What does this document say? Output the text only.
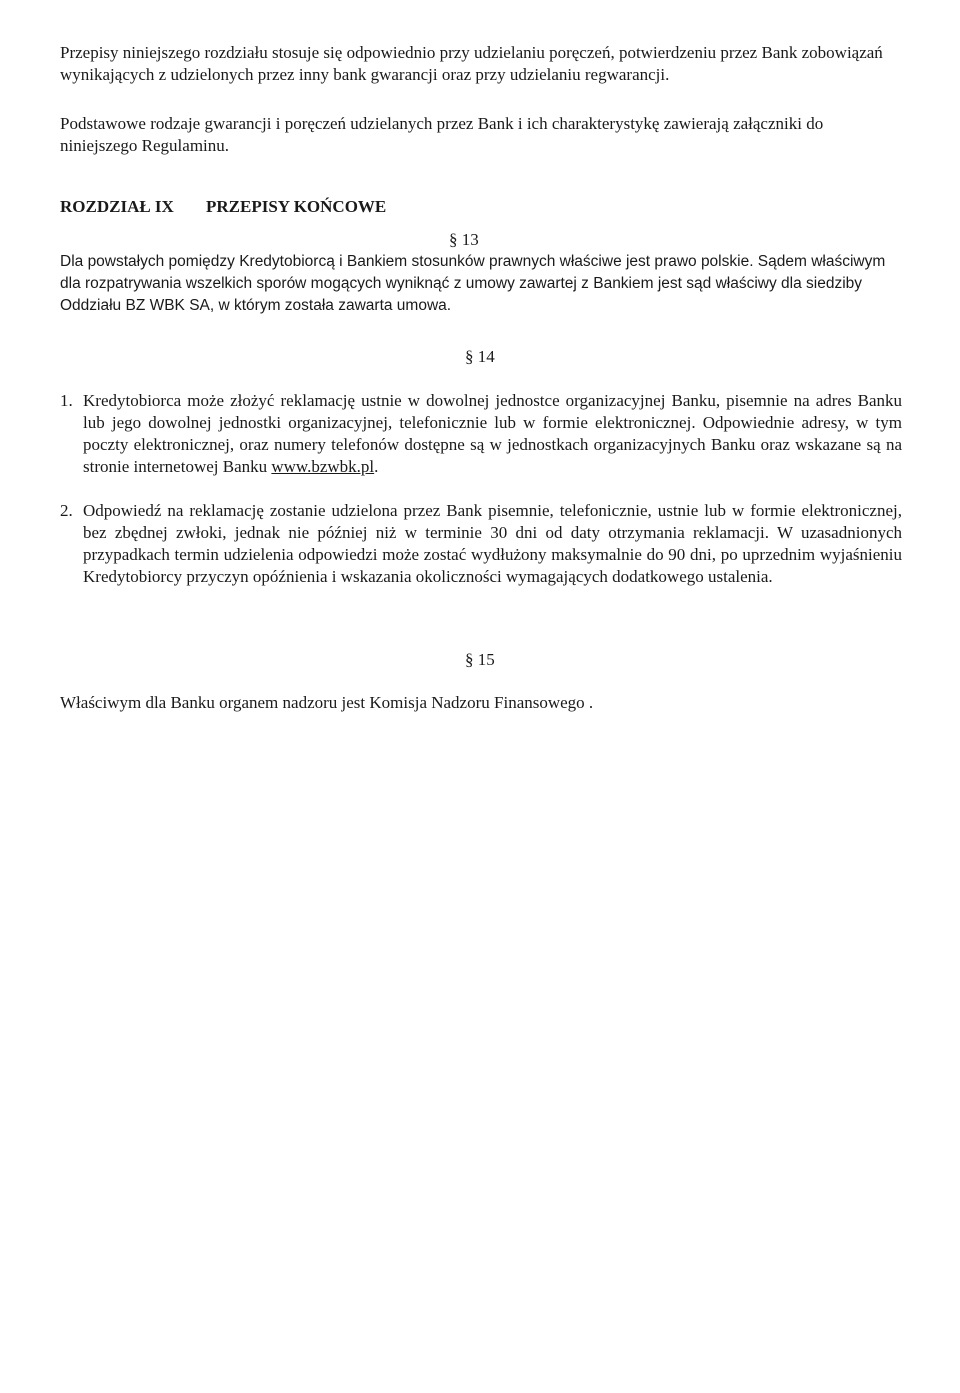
Przepisy niniejszego rozdziału stosuje się odpowiednio przy udzielaniu poręczeń, potwierdzeniu przez Bank zobowiązań wynikających z udzielonych przez inny bank gwarancji oraz przy udzielaniu regwarancji.

Podstawowe rodzaje gwarancji i poręczeń udzielanych przez Bank i ich charakterystykę zawierają załączniki do niniejszego Regulaminu.

ROZDZIAŁ IX PRZEPISY KOŃCOWE
§ 13

Dla powstałych pomiędzy Kredytobiorcą i Bankiem stosunków prawnych właściwe jest prawo polskie. Sądem właściwym dla rozpatrywania wszelkich sporów mogących wyniknąć z umowy zawartej z Bankiem jest sąd właściwy dla siedziby Oddziału BZ WBK SA, w którym została zawarta umowa.

§ 14
1. Kredytobiorca może złożyć reklamację ustnie w dowolnej jednostce organizacyjnej Banku, pisemnie na adres Banku lub jego dowolnej jednostki organizacyjnej, telefonicznie lub w formie elektronicznej. Odpowiednie adresy, w tym poczty elektronicznej, oraz numery telefonów dostępne są w jednostkach organizacyjnych Banku oraz wskazane są na stronie internetowej Banku www.bzwbk.pl.
2. Odpowiedź na reklamację zostanie udzielona przez Bank pisemnie, telefonicznie, ustnie lub w formie elektronicznej, bez zbędnej zwłoki, jednak nie później niż w terminie 30 dni od daty otrzymania reklamacji. W uzasadnionych przypadkach termin udzielenia odpowiedzi może zostać wydłużony maksymalnie do 90 dni, po uprzednim wyjaśnieniu Kredytobiorcy przyczyn opóźnienia i wskazania okoliczności wymagających dodatkowego ustalenia.
§ 15

Właściwym dla Banku organem nadzoru jest Komisja Nadzoru Finansowego .
